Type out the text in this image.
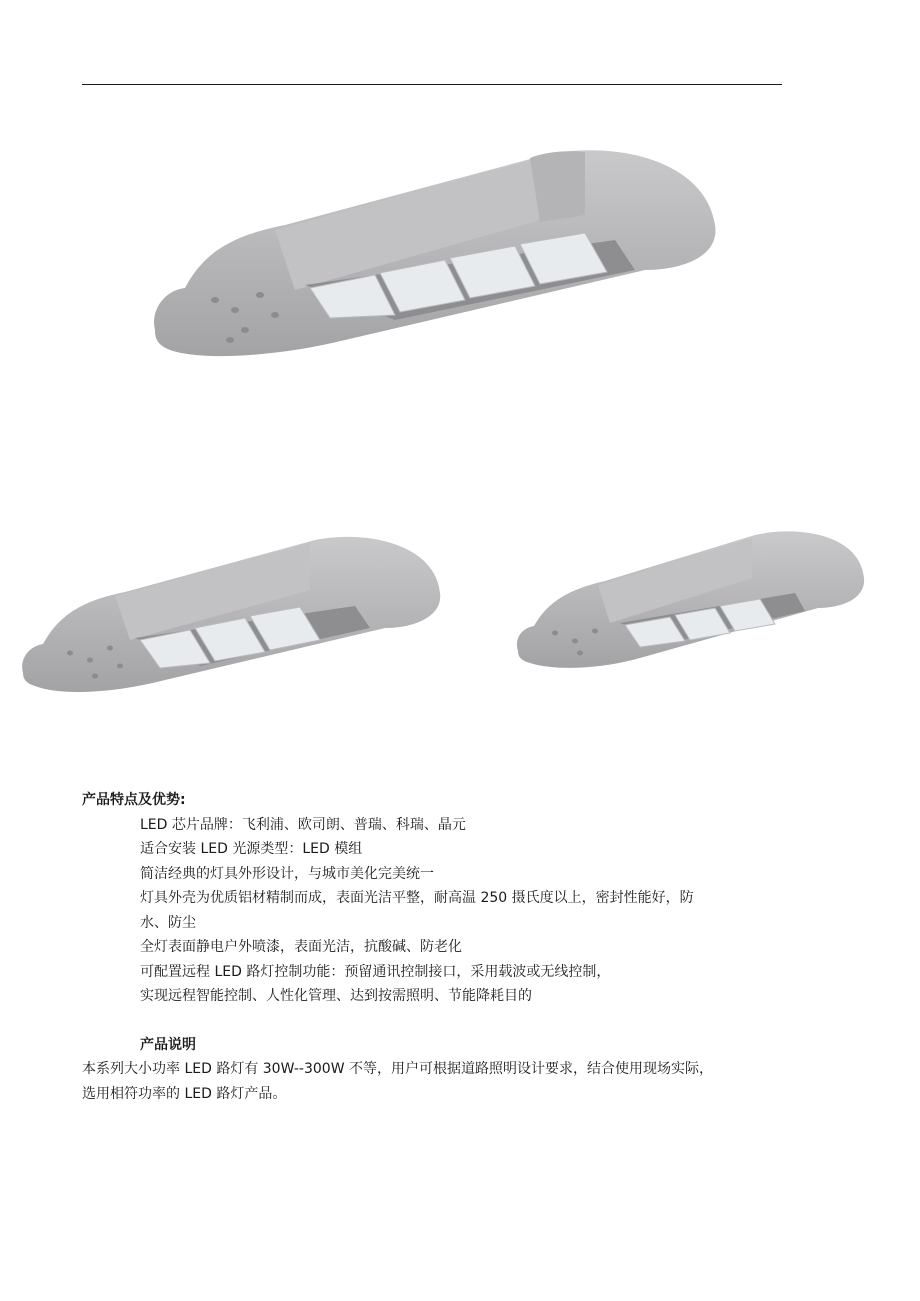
产品特点及优势:

LED 芯片品牌：飞利浦、欧司朗、普瑞、科瑞、晶元

适合安装 LED 光源类型：LED 模组

简洁经典的灯具外形设计，与城市美化完美统一

灯具外壳为优质铝材精制而成，表面光洁平整，耐高温 250 摄氏度以上，密封性能好，防

水、防尘

全灯表面静电户外喷漆，表面光洁，抗酸碱、防老化

可配置远程 LED 路灯控制功能：预留通讯控制接口，采用载波或无线控制，

实现远程智能控制、人性化管理、达到按需照明、节能降耗目的

产品说明

本系列大小功率 LED 路灯有 30W--300W 不等，用户可根据道路照明设计要求，结合使用现场实际，

选用相符功率的 LED 路灯产品。
